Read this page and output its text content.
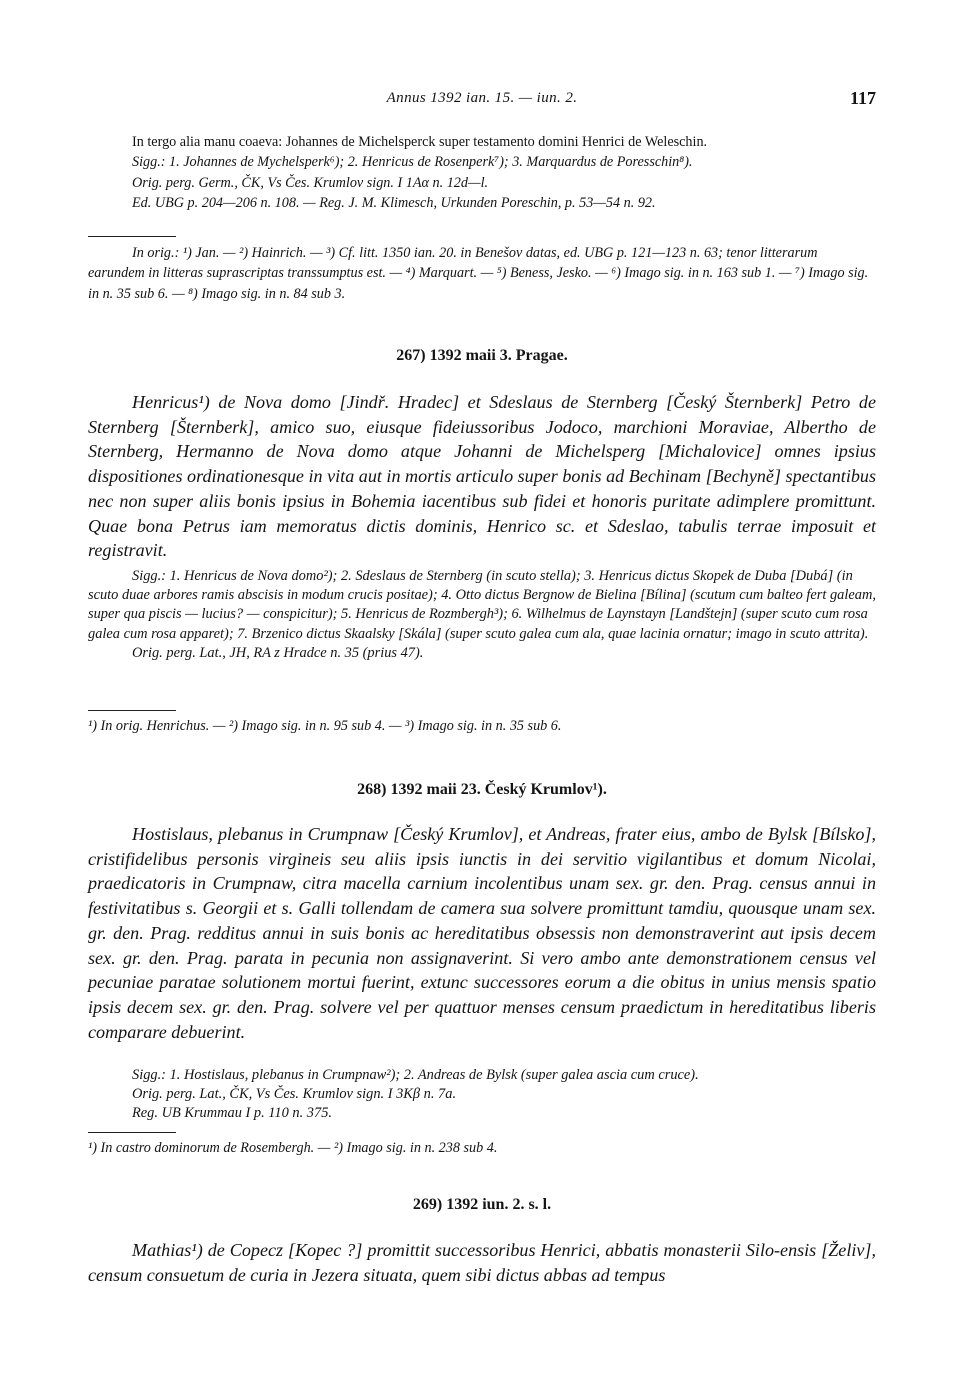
Annus 1392 ian. 15. — iun. 2.	117

In tergo alia manu coaeva: Johannes de Michelsperck super testamento domini Henrici de Weleschin.

Sigg.: 1. Johannes de Mychelsperk⁶); 2. Henricus de Rosenperk⁷); 3. Marquardus de Poresschin⁸).

Orig. perg. Germ., ČK, Vs Čes. Krumlov sign. I 1Aα n. 12d—l.

Ed. UBG p. 204—206 n. 108. — Reg. J. M. Klimesch, Urkunden Poreschin, p. 53—54 n. 92.

In orig.: ¹) Jan. — ²) Hainrich. — ³) Cf. litt. 1350 ian. 20. in Benešov datas, ed. UBG p. 121—123 n. 63; tenor litterarum earundem in litteras suprascriptas transsumptus est. — ⁴) Marquart. — ⁵) Beness, Jesko. — ⁶) Imago sig. in n. 163 sub 1. — ⁷) Imago sig. in n. 35 sub 6. — ⁸) Imago sig. in n. 84 sub 3.

267) 1392 maii 3. Pragae.

Henricus¹) de Nova domo [Jindř. Hradec] et Sdeslaus de Sternberg [Český Šternberk] Petro de Sternberg [Šternberk], amico suo, eiusque fideiussoribus Jodoco, marchioni Moraviae, Albertho de Sternberg, Hermanno de Nova domo atque Johanni de Michelsperg [Michalovice] omnes ipsius dispositiones ordinationesque in vita aut in mortis articulo super bonis ad Bechinam [Bechyně] spectantibus nec non super aliis bonis ipsius in Bohemia iacentibus sub fidei et honoris puritate adimplere promittunt. Quae bona Petrus iam memoratus dictis dominis, Henrico sc. et Sdeslao, tabulis terrae imposuit et registravit.

Sigg.: 1. Henricus de Nova domo²); 2. Sdeslaus de Sternberg (in scuto stella); 3. Henricus dictus Skopek de Duba [Dubá] (in scuto duae arbores ramis abscisis in modum crucis positae); 4. Otto dictus Bergnow de Bielina [Bílina] (scutum cum balteo fert galeam, super qua piscis — lucius? — conspicitur); 5. Henricus de Rozmbergh³); 6. Wilhelmus de Laynstayn [Landštejn] (super scuto cum rosa galea cum rosa apparet); 7. Brzenico dictus Skaalsky [Skála] (super scuto galea cum ala, quae lacinia ornatur; imago in scuto attrita).

Orig. perg. Lat., JH, RA z Hradce n. 35 (prius 47).

¹) In orig. Henrichus. — ²) Imago sig. in n. 95 sub 4. — ³) Imago sig. in n. 35 sub 6.

268) 1392 maii 23. Český Krumlov¹).

Hostislaus, plebanus in Crumpnaw [Český Krumlov], et Andreas, frater eius, ambo de Bylsk [Bílsko], cristifidelibus personis virgineis seu aliis ipsis iunctis in dei servitio vigilantibus et domum Nicolai, praedicatoris in Crumpnaw, citra macella carnium incolentibus unam sex. gr. den. Prag. census annui in festivitatibus s. Georgii et s. Galli tollendam de camera sua solvere promittunt tamdiu, quousque unam sex. gr. den. Prag. redditus annui in suis bonis ac hereditatibus obsessis non demonstraverint aut ipsis decem sex. gr. den. Prag. parata in pecunia non assignaverint. Si vero ambo ante demonstrationem census vel pecuniae paratae solutionem mortui fuerint, extunc successores eorum a die obitus in unius mensis spatio ipsis decem sex. gr. den. Prag. solvere vel per quattuor menses censum praedictum in hereditatibus liberis comparare debuerint.

Sigg.: 1. Hostislaus, plebanus in Crumpnaw²); 2. Andreas de Bylsk (super galea ascia cum cruce).

Orig. perg. Lat., ČK, Vs Čes. Krumlov sign. I 3Kβ n. 7a.

Reg. UB Krummau I p. 110 n. 375.

¹) In castro dominorum de Rosembergh. — ²) Imago sig. in n. 238 sub 4.

269) 1392 iun. 2. s. l.

Mathias¹) de Copecz [Kopec ?] promittit successoribus Henrici, abbatis monasterii Silo-ensis [Želiv], censum consuetum de curia in Jezera situata, quem sibi dictus abbas ad tempus
